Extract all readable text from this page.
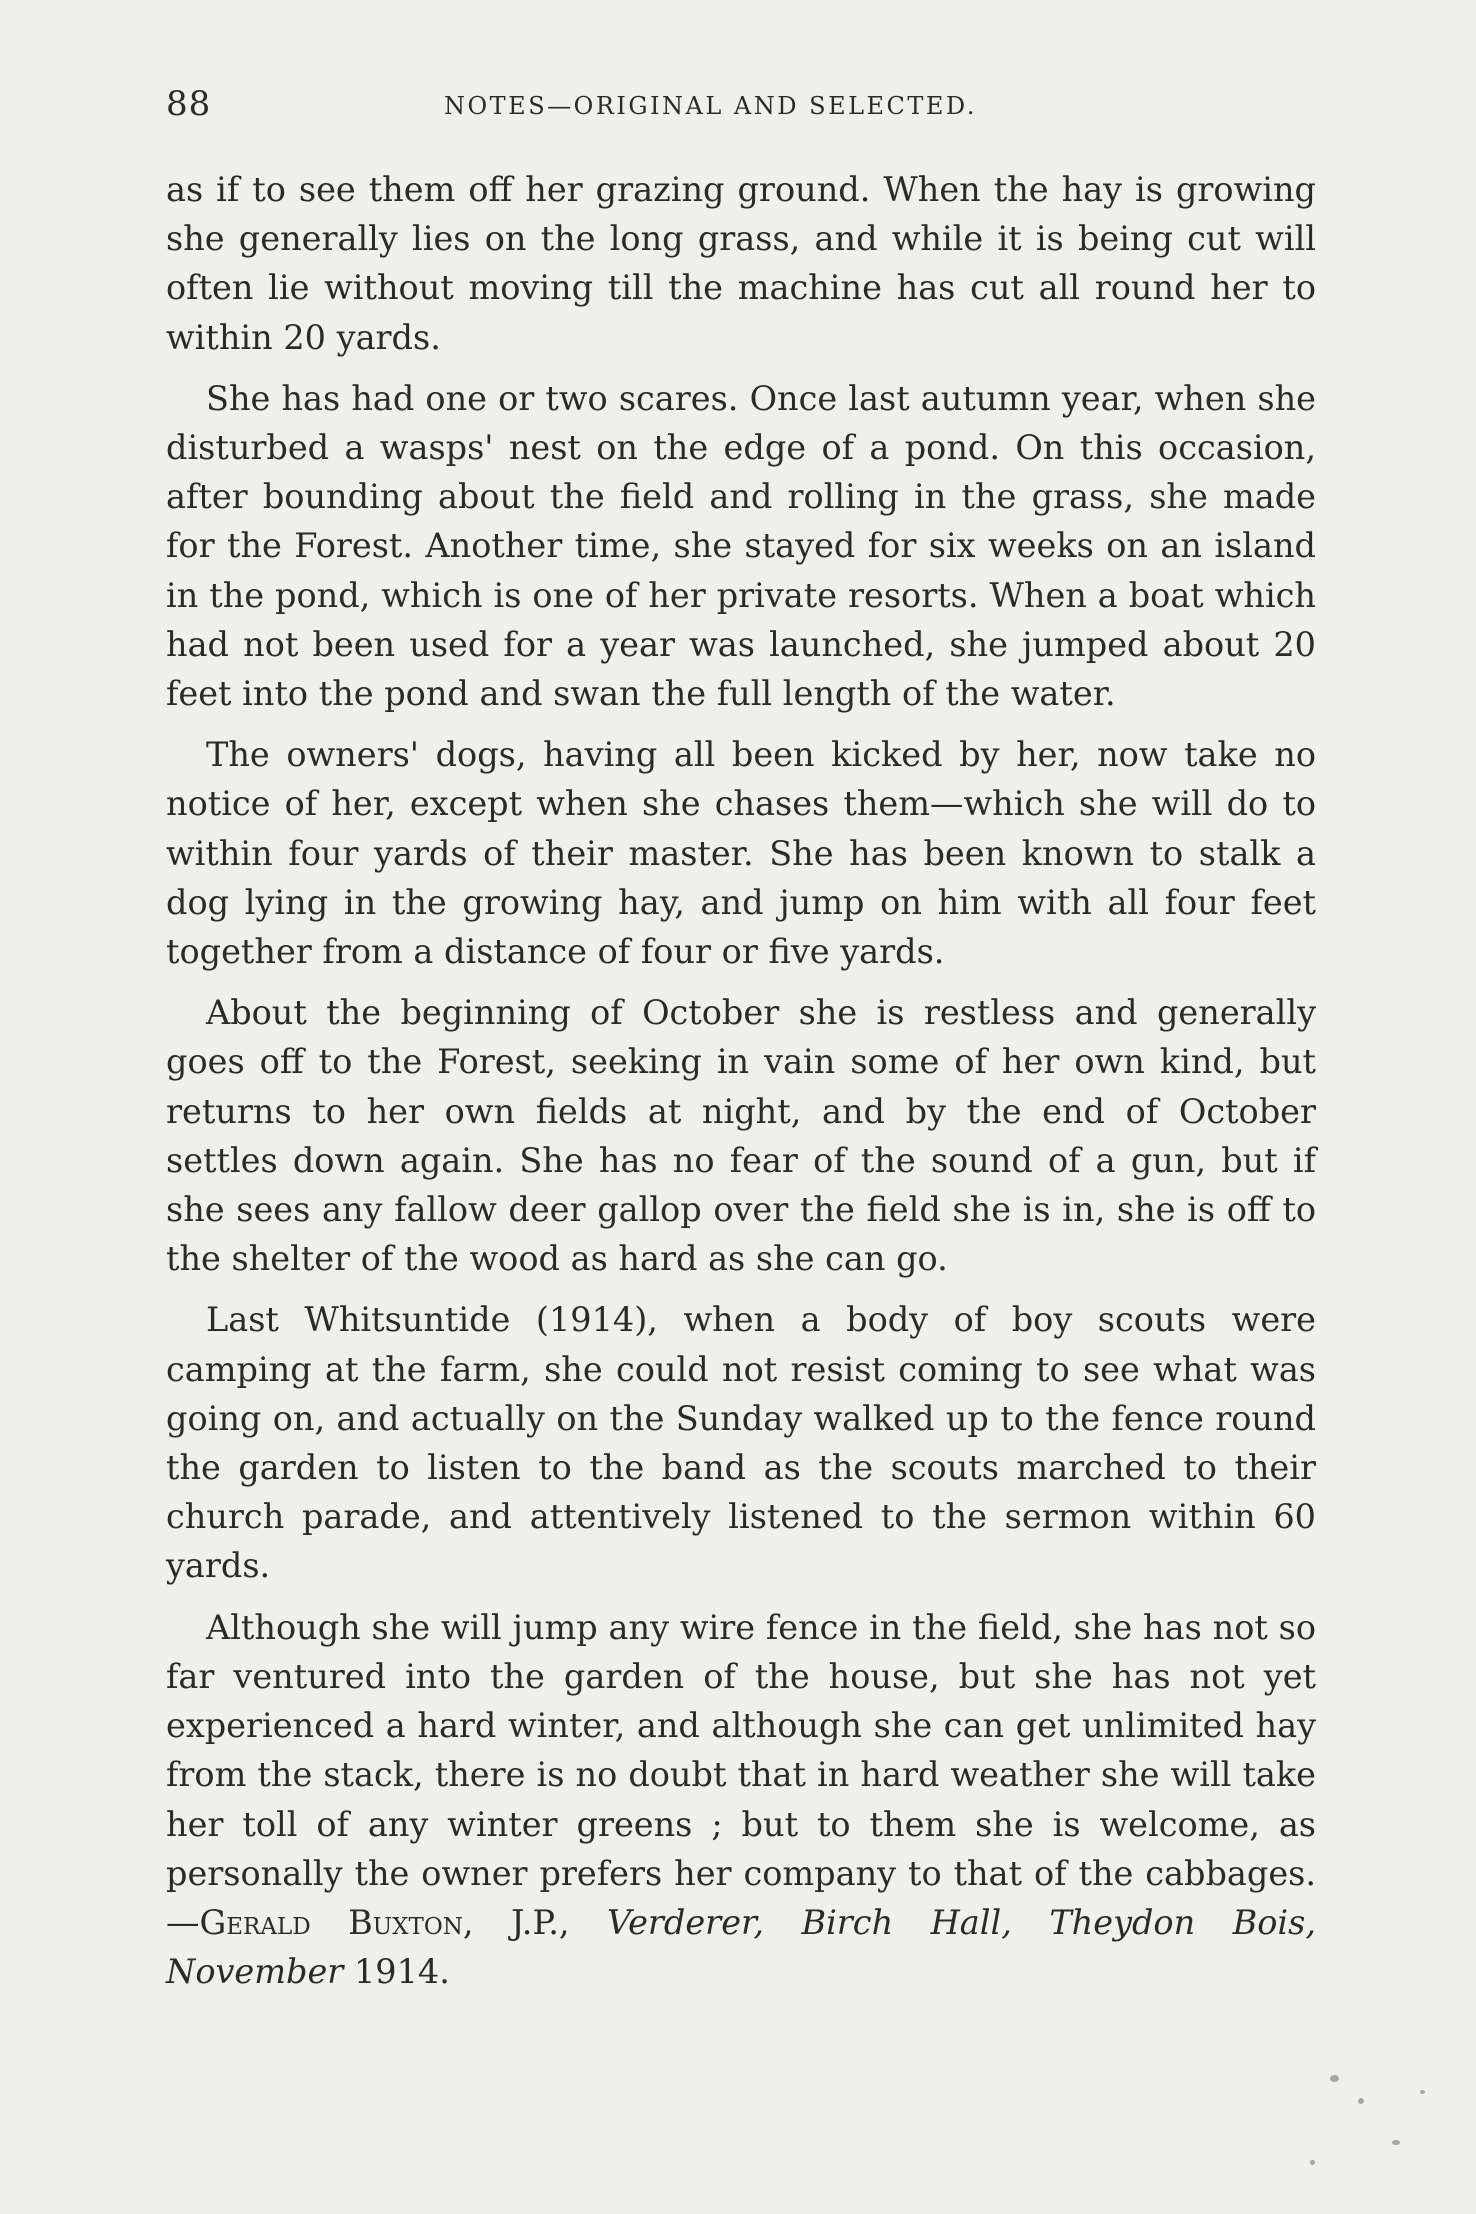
88	NOTES—ORIGINAL AND SELECTED.

as if to see them off her grazing ground. When the hay is growing she generally lies on the long grass, and while it is being cut will often lie without moving till the machine has cut all round her to within 20 yards.

She has had one or two scares. Once last autumn year, when she disturbed a wasps' nest on the edge of a pond. On this occasion, after bounding about the field and rolling in the grass, she made for the Forest. Another time, she stayed for six weeks on an island in the pond, which is one of her private resorts. When a boat which had not been used for a year was launched, she jumped about 20 feet into the pond and swan the full length of the water.

The owners' dogs, having all been kicked by her, now take no notice of her, except when she chases them—which she will do to within four yards of their master. She has been known to stalk a dog lying in the growing hay, and jump on him with all four feet together from a distance of four or five yards.

About the beginning of October she is restless and generally goes off to the Forest, seeking in vain some of her own kind, but returns to her own fields at night, and by the end of October settles down again. She has no fear of the sound of a gun, but if she sees any fallow deer gallop over the field she is in, she is off to the shelter of the wood as hard as she can go.

Last Whitsuntide (1914), when a body of boy scouts were camping at the farm, she could not resist coming to see what was going on, and actually on the Sunday walked up to the fence round the garden to listen to the band as the scouts marched to their church parade, and attentively listened to the sermon within 60 yards.

Although she will jump any wire fence in the field, she has not so far ventured into the garden of the house, but she has not yet experienced a hard winter, and although she can get unlimited hay from the stack, there is no doubt that in hard weather she will take her toll of any winter greens ; but to them she is welcome, as personally the owner prefers her company to that of the cabbages.—Gerald Buxton, J.P., Verderer, Birch Hall, Theydon Bois, November 1914.
